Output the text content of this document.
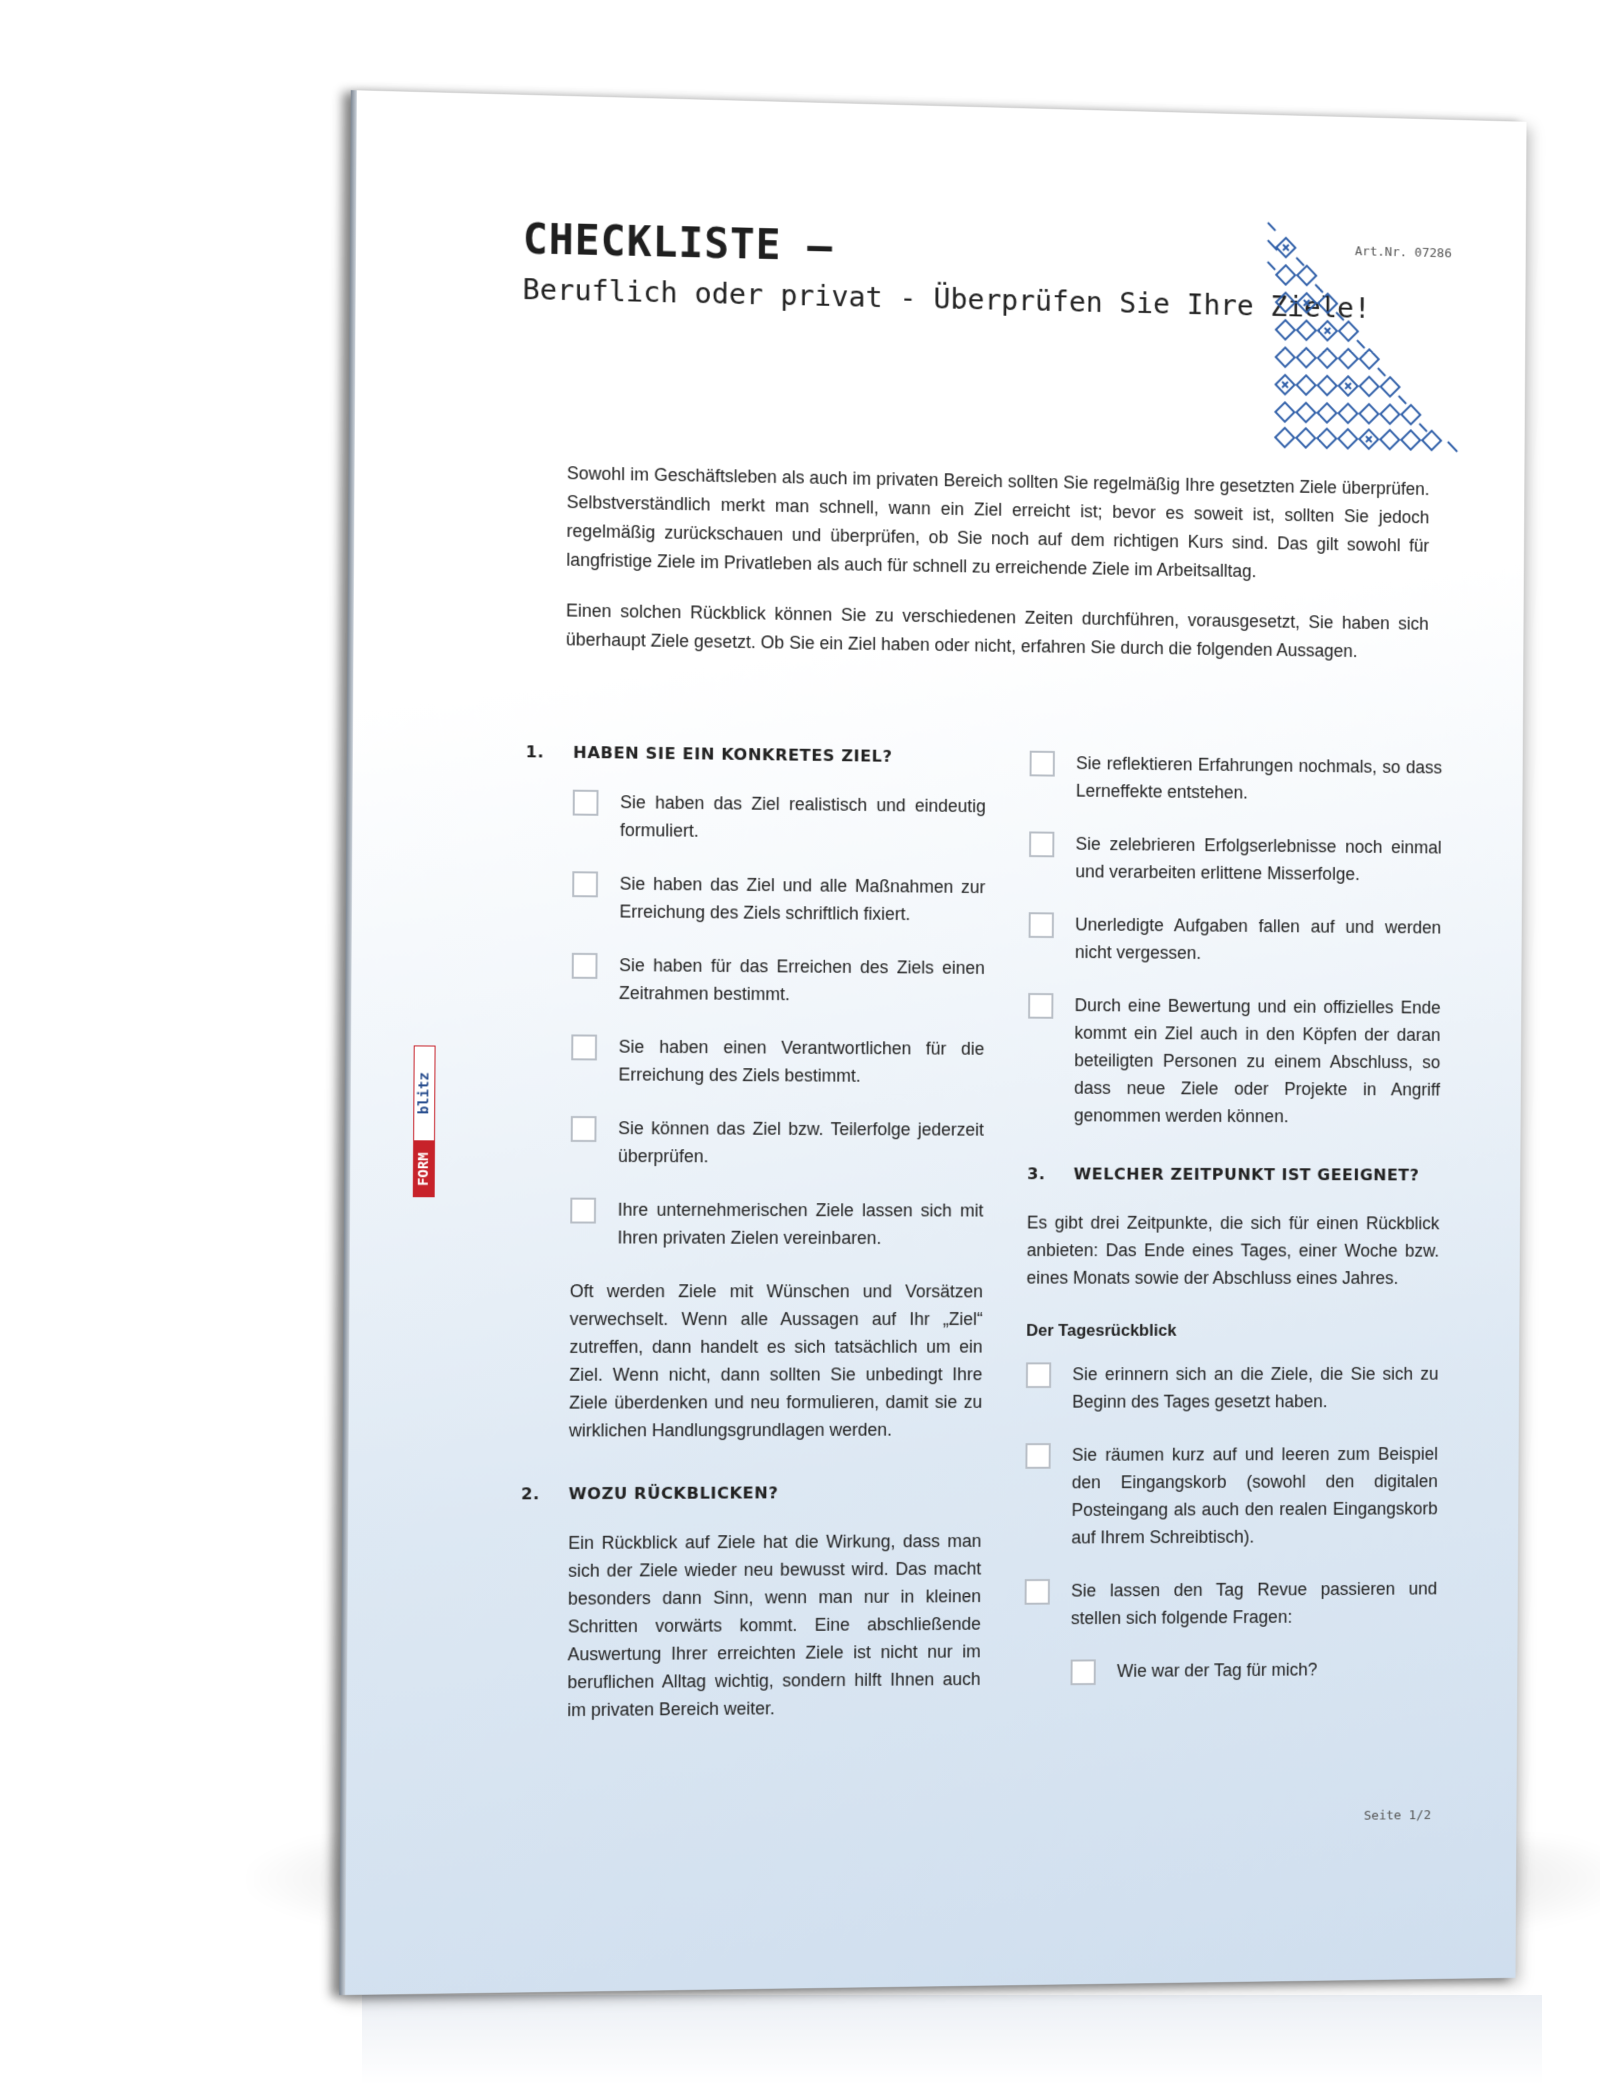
CHECKLISTE –
Beruflich oder privat - Überprüfen Sie Ihre Ziele!
Art.Nr. 07286

Sowohl im Geschäftsleben als auch im privaten Bereich sollten Sie regelmäßig Ihre gesetzten Ziele überprüfen. Selbstverständlich merkt man schnell, wann ein Ziel erreicht ist; bevor es soweit ist, sollten Sie jedoch regelmäßig zurückschauen und überprüfen, ob Sie noch auf dem richtigen Kurs sind. Das gilt sowohl für langfristige Ziele im Privatleben als auch für schnell zu erreichende Ziele im Arbeitsalltag.

Einen solchen Rückblick können Sie zu verschiedenen Zeiten durchführen, vorausgesetzt, Sie haben sich überhaupt Ziele gesetzt. Ob Sie ein Ziel haben oder nicht, erfahren Sie durch die folgenden Aussagen.

FORM
blitz
1.	HABEN SIE EIN KONKRETES ZIEL?
Sie haben das Ziel realistisch und eindeutig formuliert.
Sie haben das Ziel und alle Maßnahmen zur Erreichung des Ziels schriftlich fixiert.
Sie haben für das Erreichen des Ziels einen Zeitrahmen bestimmt.
Sie haben einen Verantwortlichen für die Erreichung des Ziels bestimmt.
Sie können das Ziel bzw. Teilerfolge jederzeit überprüfen.
Ihre unternehmerischen Ziele lassen sich mit Ihren privaten Zielen vereinbaren.

Oft werden Ziele mit Wünschen und Vorsätzen verwechselt. Wenn alle Aussagen auf Ihr „Ziel“ zutreffen, dann handelt es sich tatsächlich um ein Ziel. Wenn nicht, dann sollten Sie unbedingt Ihre Ziele überdenken und neu formulieren, damit sie zu wirklichen Handlungsgrundlagen werden.

2.	WOZU RÜCKBLICKEN?

Ein Rückblick auf Ziele hat die Wirkung, dass man sich der Ziele wieder neu bewusst wird. Das macht besonders dann Sinn, wenn man nur in kleinen Schritten vorwärts kommt. Eine abschließende Auswertung Ihrer erreichten Ziele ist nicht nur im beruflichen Alltag wichtig, sondern hilft Ihnen auch im privaten Bereich weiter.

Sie reflektieren Erfahrungen nochmals, so dass Lerneffekte entstehen.
Sie zelebrieren Erfolgserlebnisse noch einmal und verarbeiten erlittene Misserfolge.
Unerledigte Aufgaben fallen auf und werden nicht vergessen.
Durch eine Bewertung und ein offizielles Ende kommt ein Ziel auch in den Köpfen der daran beteiligten Personen zu einem Abschluss, so dass neue Ziele oder Projekte in Angriff genommen werden können.
3.	WELCHER ZEITPUNKT IST GEEIGNET?

Es gibt drei Zeitpunkte, die sich für einen Rückblick anbieten: Das Ende eines Tages, einer Woche bzw. eines Monats sowie der Abschluss eines Jahres.

Der Tagesrückblick
Sie erinnern sich an die Ziele, die Sie sich zu Beginn des Tages gesetzt haben.
Sie räumen kurz auf und leeren zum Beispiel den Eingangskorb (sowohl den digitalen Posteingang als auch den realen Eingangskorb auf Ihrem Schreibtisch).
Sie lassen den Tag Revue passieren und stellen sich folgende Fragen:
Wie war der Tag für mich?
Seite 1/2
